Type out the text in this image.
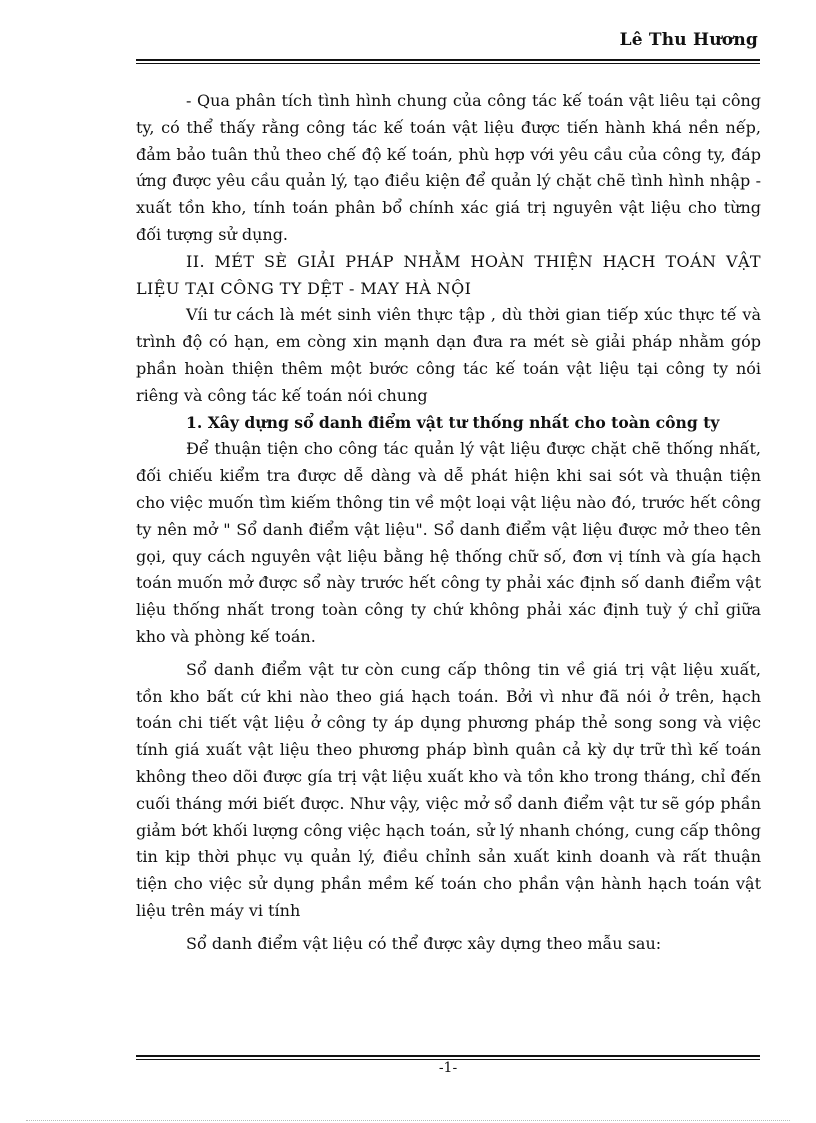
Lê Thu Hương

- Qua phân tích tình hình chung của công tác kế toán vật liêu tại công ty, có thể thấy rằng công tác kế toán vật liệu được tiến hành khá nền nếp, đảm bảo tuân thủ theo chế độ kế toán, phù hợp với yêu cầu của công ty, đáp ứng được yêu cầu quản lý, tạo điều kiện để quản lý chặt chẽ tình hình nhập - xuất tồn kho, tính toán phân bổ chính xác giá trị nguyên vật liệu cho từng đối tượng sử dụng.

II. MÉT SÈ GIẢI PHÁP NHẰM HOÀN THIỆN HẠCH TOÁN VẬT LIỆU TẠI CÔNG TY DỆT - MAY HÀ NỘI

Víi tư cách là mét sinh viên thực tập , dù thời gian tiếp xúc thực tế và trình độ có hạn, em còng xin mạnh dạn đưa ra mét sè giải pháp nhằm góp phần hoàn thiện thêm một bước công tác kế toán vật liệu tại công ty nói riêng và công tác kế toán nói chung

1. Xây dựng sổ danh điểm vật tư thống nhất cho toàn công ty

Để thuận tiện cho công tác quản lý vật liệu được chặt chẽ thống nhất, đối chiếu kiểm tra được dễ dàng và dễ phát hiện khi sai sót và thuận tiện cho việc muốn tìm kiếm thông tin về một loại vật liệu nào đó, trước hết công ty nên mở " Sổ danh điểm vật liệu". Sổ danh điểm vật liệu được mở theo tên gọi, quy cách nguyên vật liệu bằng hệ thống chữ số, đơn vị tính và gía hạch toán muốn mở được sổ này trước hết công ty phải xác định số danh điểm vật liệu thống nhất trong toàn công ty chứ không phải xác định tuỳ ý chỉ giữa kho và phòng kế toán.

Sổ danh điểm vật tư còn cung cấp thông tin về giá trị vật liệu xuất, tồn kho bất cứ khi nào theo giá hạch toán. Bởi vì như đã nói ở trên, hạch toán chi tiết vật liệu ở công ty áp dụng phương pháp thẻ song song và việc tính giá xuất vật liệu theo phương pháp bình quân cả kỳ dự trữ thì kế toán không theo dõi được gía trị vật liệu xuất kho và tồn kho trong tháng, chỉ đến cuối tháng mới biết được. Như vậy, việc mở sổ danh điểm vật tư sẽ góp phần giảm bớt khối lượng công việc hạch toán, sử lý nhanh chóng, cung cấp thông tin kịp thời phục vụ quản lý, điều chỉnh sản xuất kinh doanh và rất thuận tiện cho việc sử dụng phần mềm kế toán cho phần vận hành hạch toán vật liệu trên máy vi tính

Sổ danh điểm vật liệu có thể được xây dựng theo mẫu sau:

-1-
